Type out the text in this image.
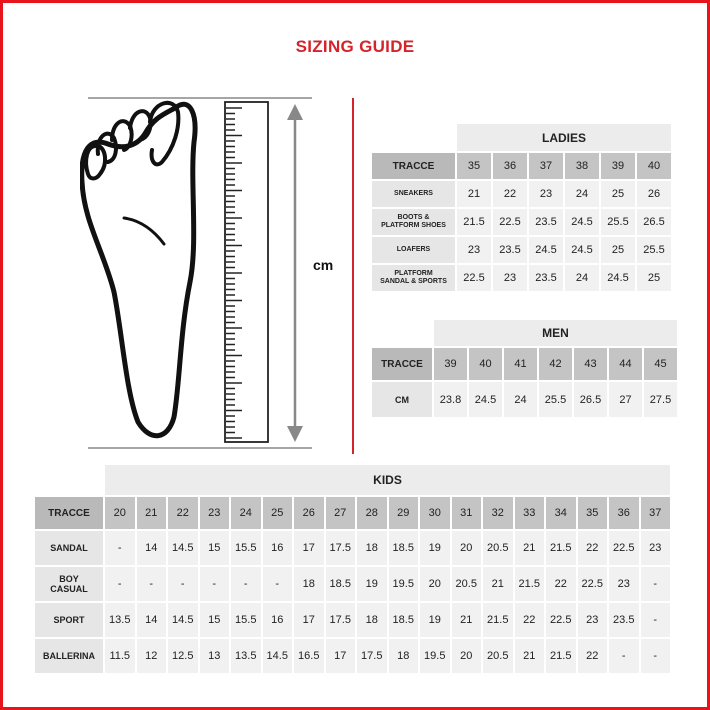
SIZING GUIDE
cm
	LADIES					
TRACCE	35	36	37	38	39	40
SNEAKERS	21	22	23	24	25	26
BOOTS &
PLATFORM SHOES	21.5	22.5	23.5	24.5	25.5	26.5
LOAFERS	23	23.5	24.5	24.5	25	25.5
PLATFORM
SANDAL & SPORTS	22.5	23	23.5	24	24.5	25
	MEN						
TRACCE	39	40	41	42	43	44	45
CM	23.8	24.5	24	25.5	26.5	27	27.5
	KIDS																	
TRACCE	20	21	22	23	24	25	26	27	28	29	30	31	32	33	34	35	36	37
SANDAL	-	14	14.5	15	15.5	16	17	17.5	18	18.5	19	20	20.5	21	21.5	22	22.5	23
BOY
CASUAL	-	-	-	-	-	-	18	18.5	19	19.5	20	20.5	21	21.5	22	22.5	23	-
SPORT	13.5	14	14.5	15	15.5	16	17	17.5	18	18.5	19	21	21.5	22	22.5	23	23.5	-
BALLERINA	11.5	12	12.5	13	13.5	14.5	16.5	17	17.5	18	19.5	20	20.5	21	21.5	22	-	-
